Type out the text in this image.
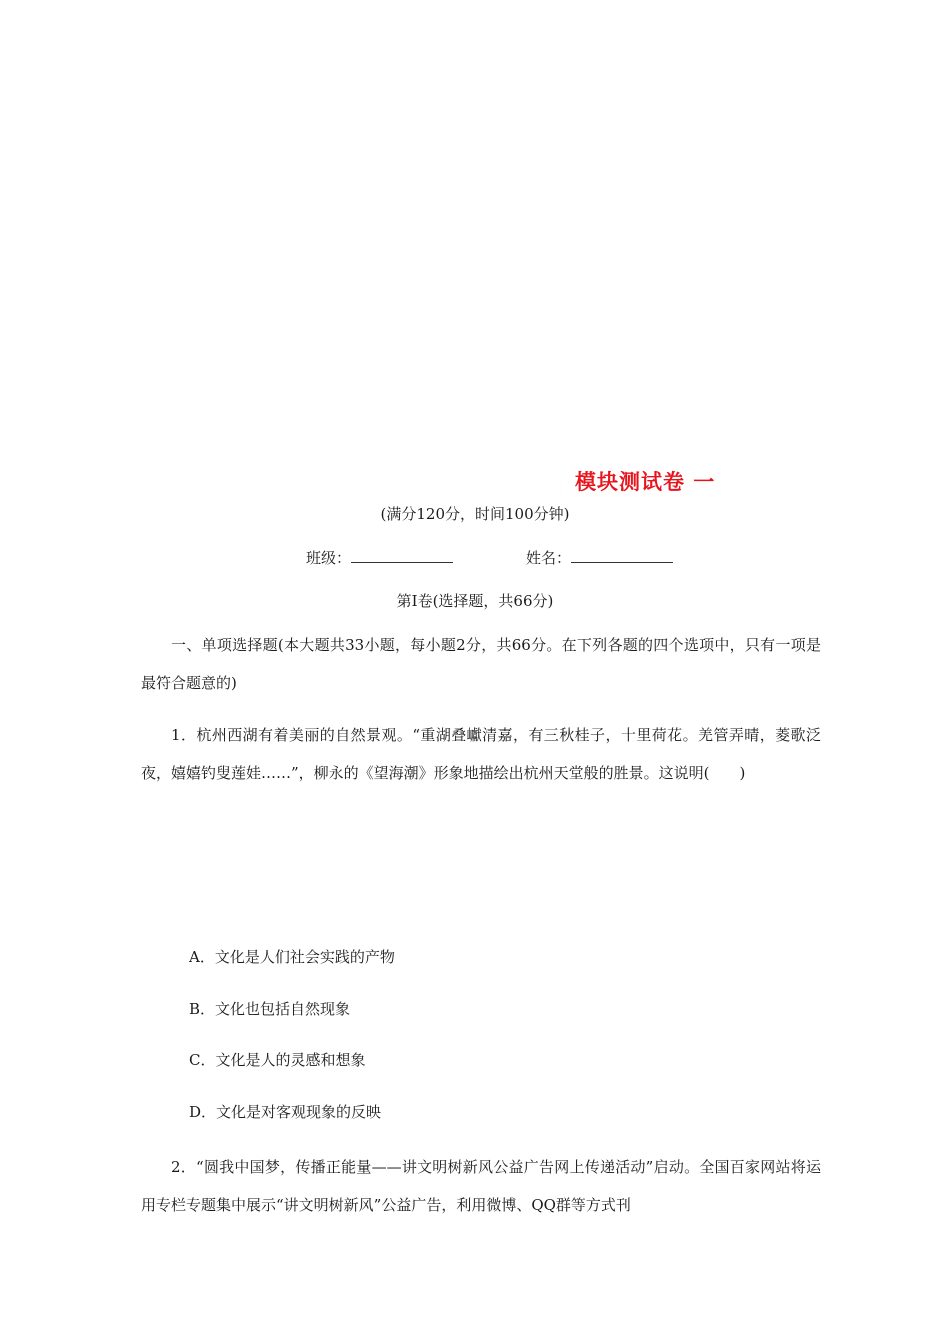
模块测试卷 一
(满分120分，时间100分钟)
班级：	姓名：
第Ⅰ卷(选择题，共66分)
一、单项选择题(本大题共33小题，每小题2分，共66分。在下列各题的四个选项中，只有一项是最符合题意的)
1．杭州西湖有着美丽的自然景观。“重湖叠巘清嘉，有三秋桂子，十里荷花。羌管弄晴，菱歌泛夜，嬉嬉钓叟莲娃……”，柳永的《望海潮》形象地描绘出杭州天堂般的胜景。这说明(　　)
A．文化是人们社会实践的产物
B．文化也包括自然现象
C．文化是人的灵感和想象
D．文化是对客观现象的反映
2．“圆我中国梦，传播正能量——讲文明树新风公益广告网上传递活动”启动。全国百家网站将运用专栏专题集中展示“讲文明树新风”公益广告，利用微博、QQ群等方式刊
